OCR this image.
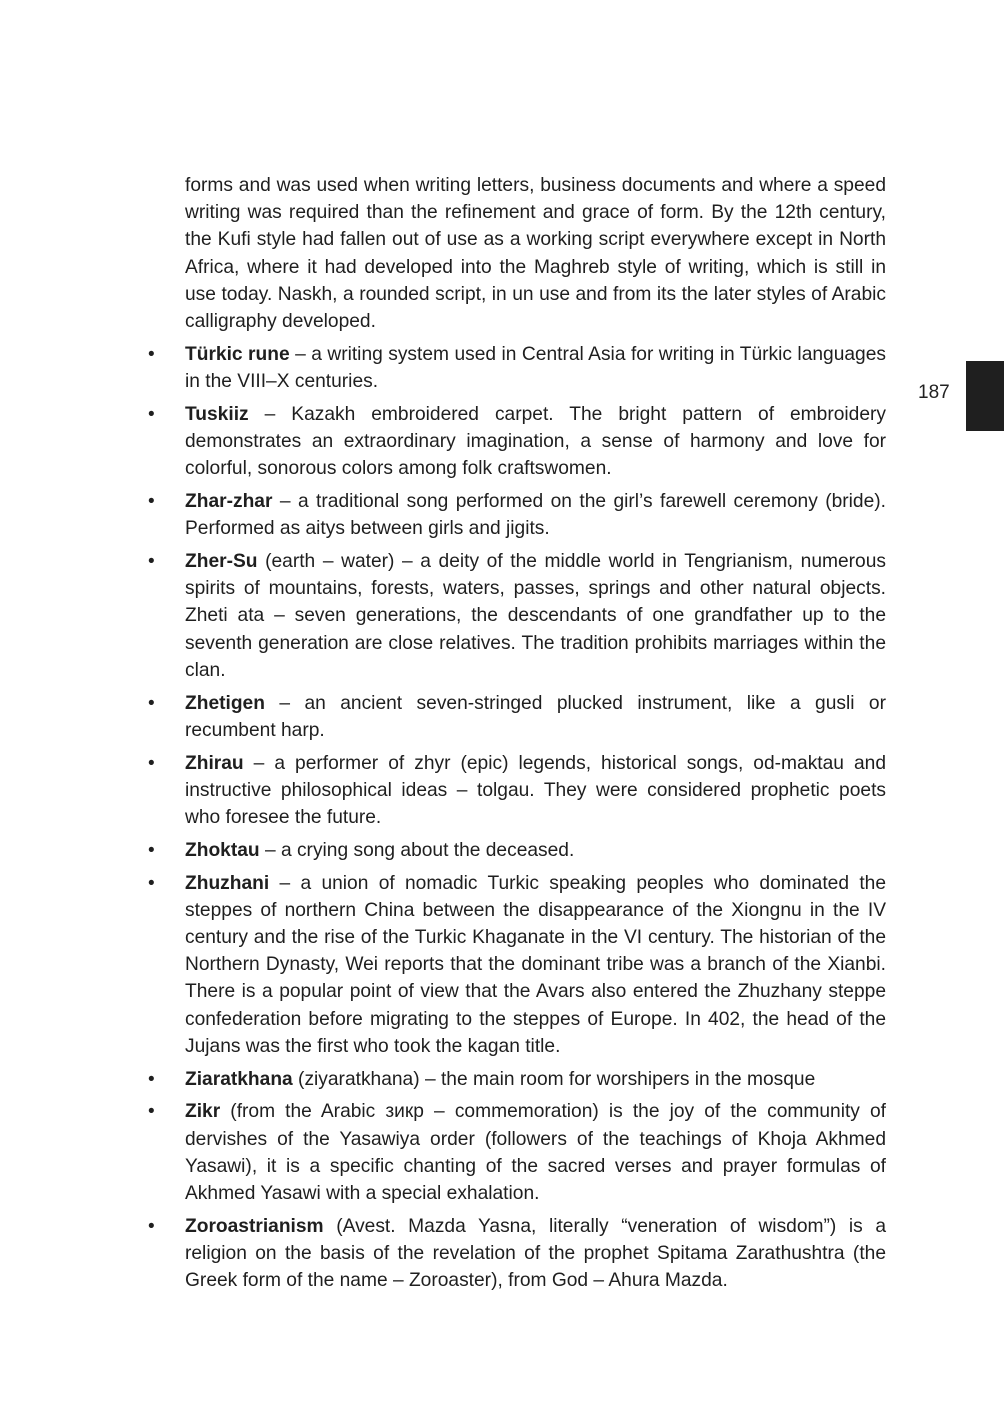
187

forms and was used when writing letters, business documents and where a speed writing was required than the refinement and grace of form. By the 12th century, the Kufi style had fallen out of use as a working script everywhere except in North Africa, where it had developed into the Maghreb style of writing, which is still in use today. Naskh, a rounded script, in un use and from its the later styles of Arabic calligraphy developed.

• Türkic rune – a writing system used in Central Asia for writing in Türkic languages in the VIII–X centuries.
• Tuskiiz – Kazakh embroidered carpet. The bright pattern of embroidery demonstrates an extraordinary imagination, a sense of harmony and love for colorful, sonorous colors among folk craftswomen.
• Zhar-zhar – a traditional song performed on the girl’s farewell ceremony (bride). Performed as aitys between girls and jigits.
• Zher-Su (earth – water) – a deity of the middle world in Tengrianism, numerous spirits of mountains, forests, waters, passes, springs and other natural objects. Zheti ata – seven generations, the descendants of one grandfather up to the seventh generation are close relatives. The tradition prohibits marriages within the clan.
• Zhetigen – an ancient seven-stringed plucked instrument, like a gusli or recumbent harp.
• Zhirau – a performer of zhyr (epic) legends, historical songs, od-maktau and instructive philosophical ideas – tolgau. They were considered prophetic poets who foresee the future.
• Zhoktau – a crying song about the deceased.
• Zhuzhani – a union of nomadic Turkic speaking peoples who dominated the steppes of northern China between the disappearance of the Xiongnu in the IV century and the rise of the Turkic Khaganate in the VI century. The historian of the Northern Dynasty, Wei reports that the dominant tribe was a branch of the Xianbi. There is a popular point of view that the Avars also entered the Zhuzhany steppe confederation before migrating to the steppes of Europe. In 402, the head of the Jujans was the first who took the kagan title.
• Ziaratkhana (ziyaratkhana) – the main room for worshipers in the mosque
• Zikr (from the Arabic зикр – commemoration) is the joy of the community of dervishes of the Yasawiya order (followers of the teachings of Khoja Akhmed Yasawi), it is a specific chanting of the sacred verses and prayer formulas of Akhmed Yasawi with a special exhalation.
• Zoroastrianism (Avest. Mazda Yasna, literally “veneration of wisdom”) is a religion on the basis of the revelation of the prophet Spitama Zarathushtra (the Greek form of the name – Zoroaster), from God – Ahura Mazda.
